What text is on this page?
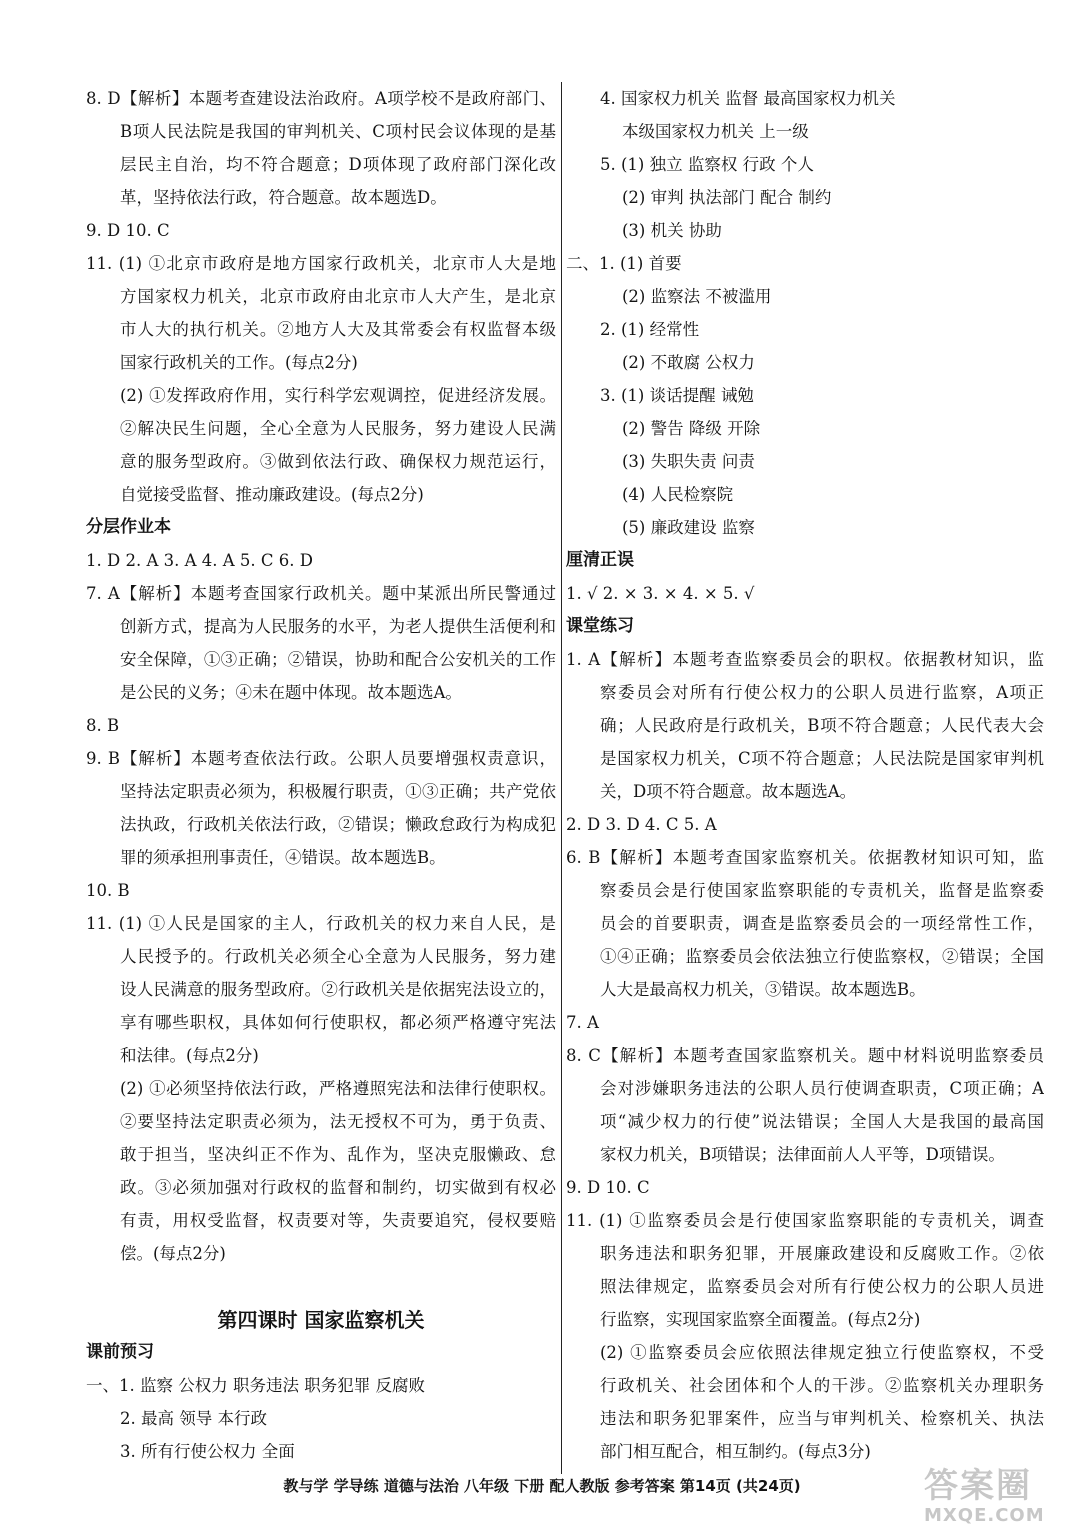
8. D【解析】本题考查建设法治政府。A项学校不是政府部门、
B项人民法院是我国的审判机关、C项村民会议体现的是基
层民主自治，均不符合题意；D项体现了政府部门深化改
革，坚持依法行政，符合题意。故本题选D。
9. D 10. C
11. (1) ①北京市政府是地方国家行政机关，北京市人大是地
方国家权力机关，北京市政府由北京市人大产生，是北京
市人大的执行机关。②地方人大及其常委会有权监督本级
国家行政机关的工作。(每点2分)
(2) ①发挥政府作用，实行科学宏观调控，促进经济发展。
②解决民生问题，全心全意为人民服务，努力建设人民满
意的服务型政府。③做到依法行政、确保权力规范运行，
自觉接受监督、推动廉政建设。(每点2分)
分层作业本
1. D 2. A 3. A 4. A 5. C 6. D
7. A【解析】本题考查国家行政机关。题中某派出所民警通过
创新方式，提高为人民服务的水平，为老人提供生活便利和
安全保障，①③正确；②错误，协助和配合公安机关的工作
是公民的义务；④未在题中体现。故本题选A。
8. B
9. B【解析】本题考查依法行政。公职人员要增强权责意识，
坚持法定职责必须为，积极履行职责，①③正确；共产党依
法执政，行政机关依法行政，②错误；懒政怠政行为构成犯
罪的须承担刑事责任，④错误。故本题选B。
10. B
11. (1) ①人民是国家的主人，行政机关的权力来自人民，是
人民授予的。行政机关必须全心全意为人民服务，努力建
设人民满意的服务型政府。②行政机关是依据宪法设立的，
享有哪些职权，具体如何行使职权，都必须严格遵守宪法
和法律。(每点2分)
(2) ①必须坚持依法行政，严格遵照宪法和法律行使职权。
②要坚持法定职责必须为，法无授权不可为，勇于负责、
敢于担当，坚决纠正不作为、乱作为，坚决克服懒政、怠
政。③必须加强对行政权的监督和制约，切实做到有权必
有责，用权受监督，权责要对等，失责要追究，侵权要赔
偿。(每点2分)
第四课时 国家监察机关
课前预习
一、1. 监察 公权力 职务违法 职务犯罪 反腐败
2. 最高 领导 本行政
3. 所有行使公权力 全面
4. 国家权力机关 监督 最高国家权力机关
本级国家权力机关 上一级
5. (1) 独立 监察权 行政 个人
(2) 审判 执法部门 配合 制约
(3) 机关 协助
二、1. (1) 首要
(2) 监察法 不被滥用
2. (1) 经常性
(2) 不敢腐 公权力
3. (1) 谈话提醒 诫勉
(2) 警告 降级 开除
(3) 失职失责 问责
(4) 人民检察院
(5) 廉政建设 监察
厘清正误
1. √ 2. × 3. × 4. × 5. √
课堂练习
1. A【解析】本题考查监察委员会的职权。依据教材知识，监
察委员会对所有行使公权力的公职人员进行监察，A项正
确；人民政府是行政机关，B项不符合题意；人民代表大会
是国家权力机关，C项不符合题意；人民法院是国家审判机
关，D项不符合题意。故本题选A。
2. D 3. D 4. C 5. A
6. B【解析】本题考查国家监察机关。依据教材知识可知，监
察委员会是行使国家监察职能的专责机关，监督是监察委
员会的首要职责，调查是监察委员会的一项经常性工作，
①④正确；监察委员会依法独立行使监察权，②错误；全国
人大是最高权力机关，③错误。故本题选B。
7. A
8. C【解析】本题考查国家监察机关。题中材料说明监察委员
会对涉嫌职务违法的公职人员行使调查职责，C项正确；A
项“减少权力的行使”说法错误；全国人大是我国的最高国
家权力机关，B项错误；法律面前人人平等，D项错误。
9. D 10. C
11. (1) ①监察委员会是行使国家监察职能的专责机关，调查
职务违法和职务犯罪，开展廉政建设和反腐败工作。②依
照法律规定，监察委员会对所有行使公权力的公职人员进
行监察，实现国家监察全面覆盖。(每点2分)
(2) ①监察委员会应依照法律规定独立行使监察权，不受
行政机关、社会团体和个人的干涉。②监察机关办理职务
违法和职务犯罪案件，应当与审判机关、检察机关、执法
部门相互配合，相互制约。(每点3分)
教与学 学导练 道德与法治 八年级 下册 配人教版 参考答案 第14页 (共24页)	答案圈
MXQE.COM
